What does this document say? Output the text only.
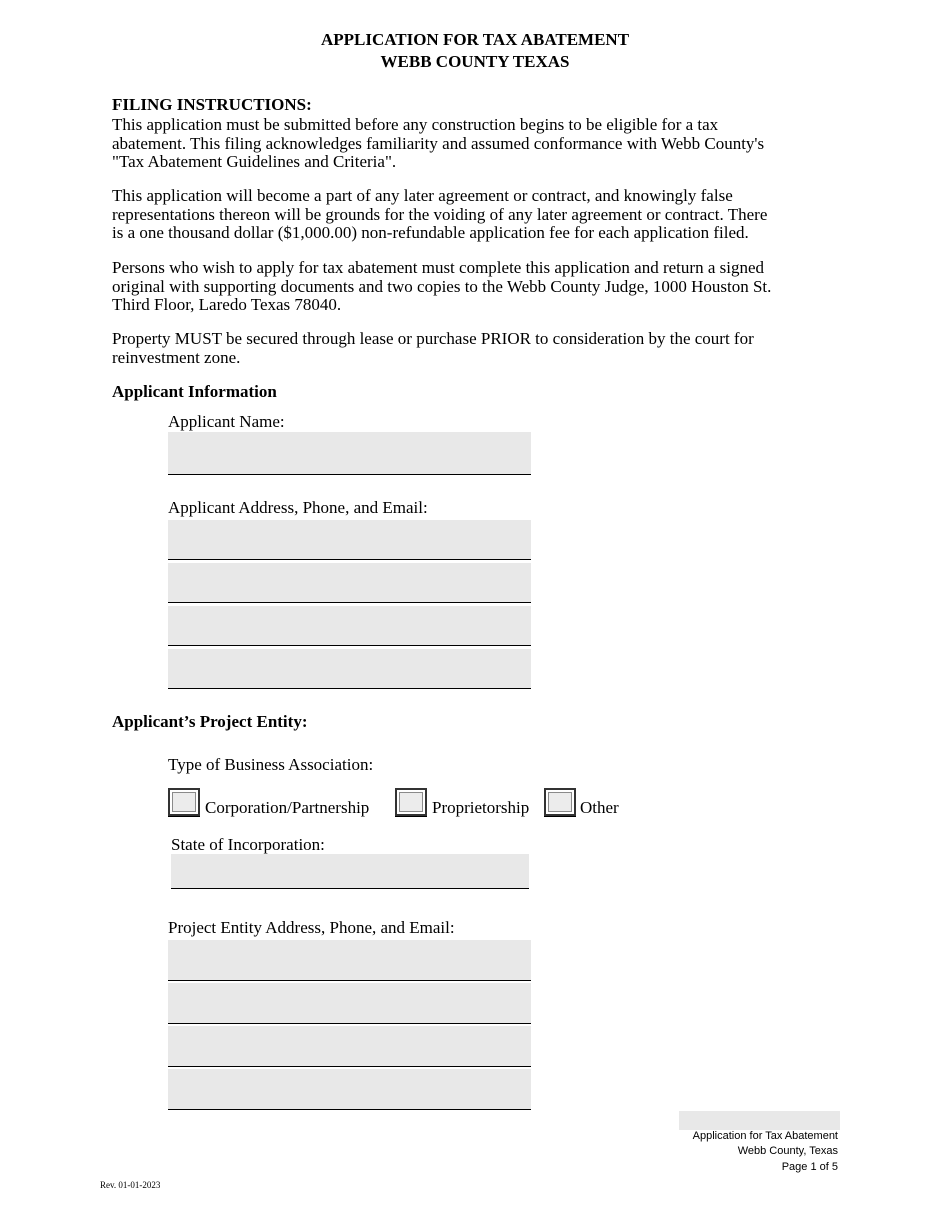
APPLICATION FOR TAX ABATEMENT
WEBB COUNTY TEXAS
FILING INSTRUCTIONS:
This application must be submitted before any construction begins to be eligible for a tax
abatement. This filing acknowledges familiarity and assumed conformance with Webb County's
"Tax Abatement Guidelines and Criteria".
This application will become a part of any later agreement or contract, and knowingly false
representations thereon will be grounds for the voiding of any later agreement or contract. There
is a one thousand dollar ($1,000.00) non-refundable application fee for each application filed.
Persons who wish to apply for tax abatement must complete this application and return a signed
original with supporting documents and two copies to the Webb County Judge, 1000 Houston St.
Third Floor, Laredo Texas 78040.
Property MUST be secured through lease or purchase PRIOR to consideration by the court for
reinvestment zone.
Applicant Information
Applicant Name:
Applicant Address, Phone, and Email:
Applicant’s Project Entity:
Type of Business Association:
Corporation/Partnership	Proprietorship	Other
State of Incorporation:
Project Entity Address, Phone, and Email:
Application for Tax Abatement
Webb County, Texas
Page 1 of 5
Rev. 01-01-2023
